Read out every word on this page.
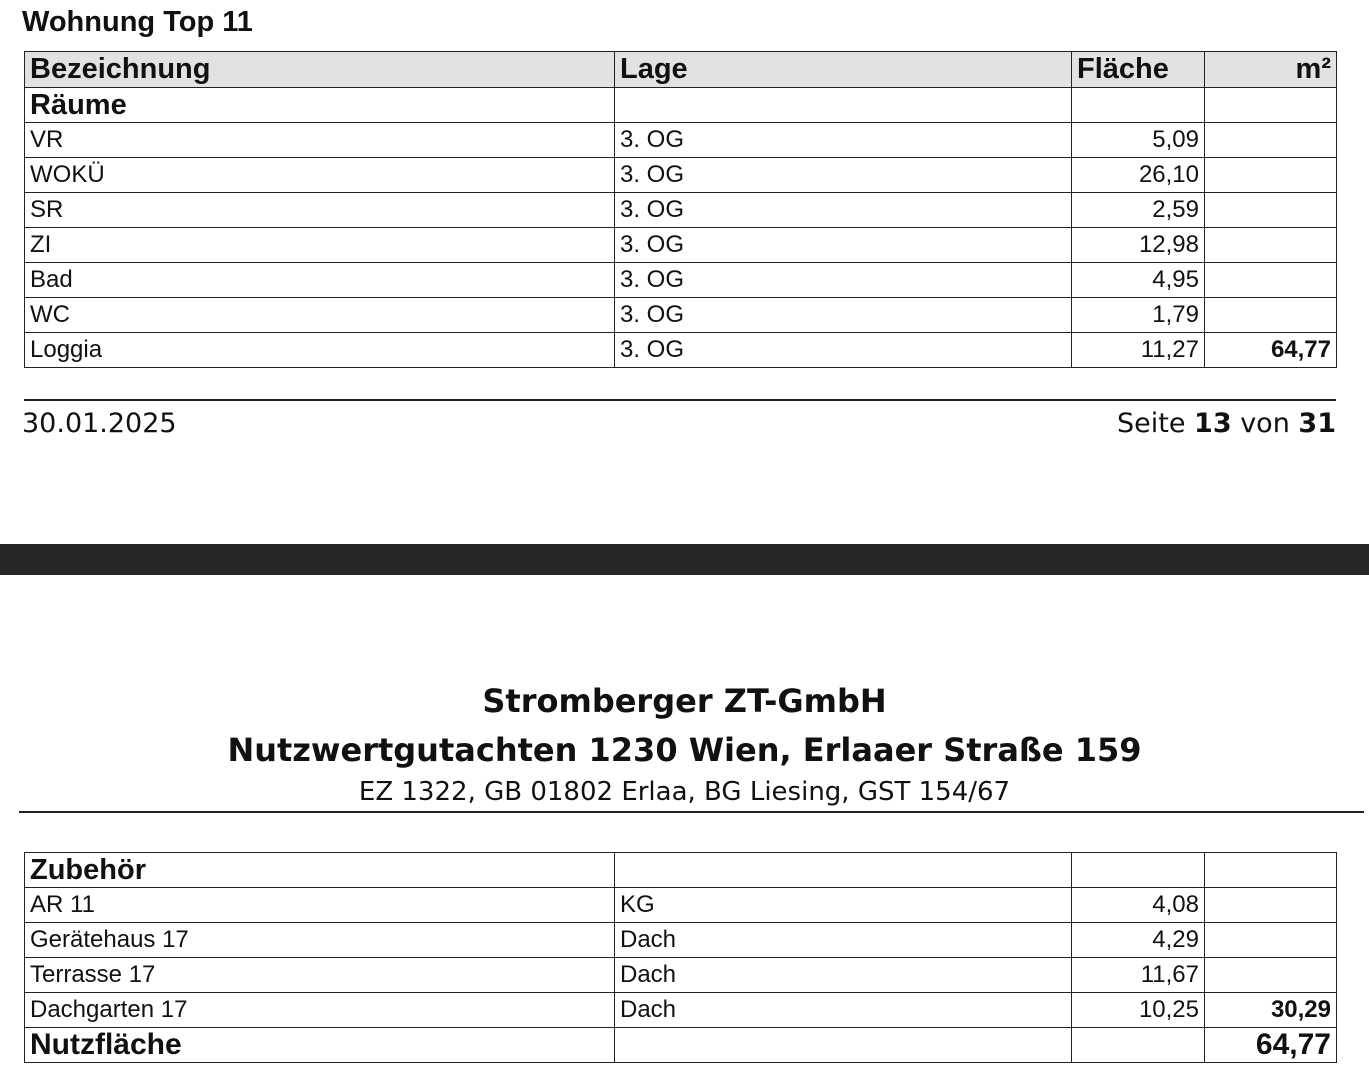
Wohnung Top 11
Bezeichnung	Lage	Fläche	m²
Räume			
VR	3. OG	5,09	
WOKÜ	3. OG	26,10	
SR	3. OG	2,59	
ZI	3. OG	12,98	
Bad	3. OG	4,95	
WC	3. OG	1,79	
Loggia	3. OG	11,27	64,77
30.01.2025	Seite 13 von 31
Stromberger ZT-GmbH
Nutzwertgutachten 1230 Wien, Erlaaer Straße 159
EZ 1322, GB 01802 Erlaa, BG Liesing, GST 154/67
Zubehör			
AR 11	KG	4,08	
Gerätehaus 17	Dach	4,29	
Terrasse 17	Dach	11,67	
Dachgarten 17	Dach	10,25	30,29
Nutzfläche			64,77
